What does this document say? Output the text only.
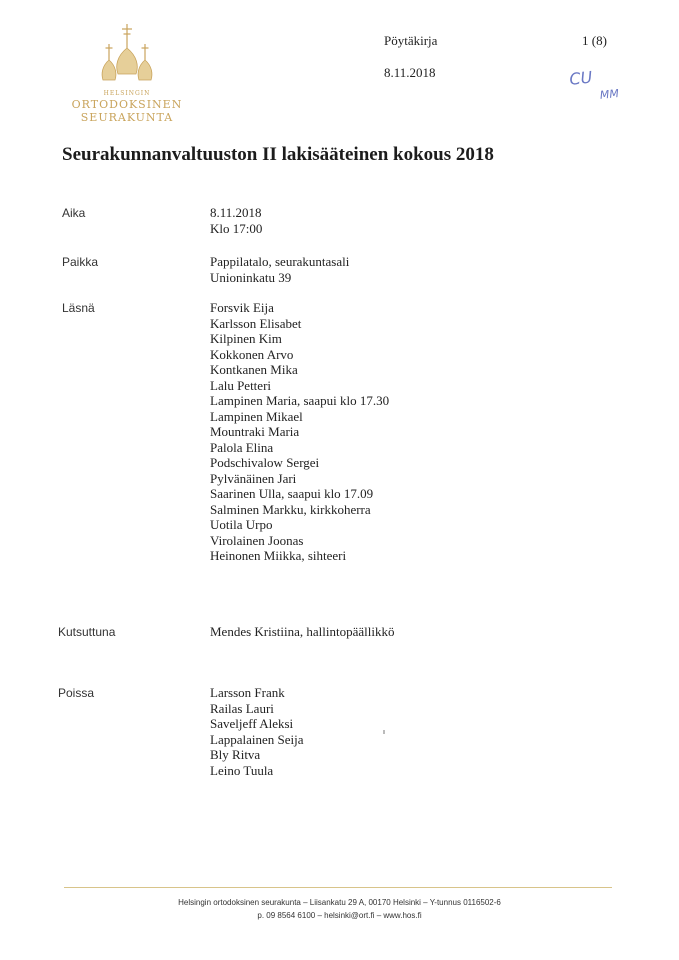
HELSINGIN
ORTODOKSINEN
SEURAKUNTA
Pöytäkirja	1 (8)
8.11.2018	CU
MM
Seurakunnanvaltuuston II lakisääteinen kokous 2018
Aika	8.11.2018
Klo 17:00
Paikka	Pappilatalo, seurakuntasali
Unioninkatu 39
Läsnä	Forsvik Eija
Karlsson Elisabet
Kilpinen Kim
Kokkonen Arvo
Kontkanen Mika
Lalu Petteri
Lampinen Maria, saapui klo 17.30
Lampinen Mikael
Mountraki Maria
Palola Elina
Podschivalow Sergei
Pylvänäinen Jari
Saarinen Ulla, saapui klo 17.09
Salminen Markku, kirkkoherra
Uotila Urpo
Virolainen Joonas
Heinonen Miikka, sihteeri
Kutsuttuna	Mendes Kristiina, hallintopäällikkö
Poissa	Larsson Frank
Railas Lauri
Saveljeff Aleksi
Lappalainen Seija
Bly Ritva
Leino Tuula
Helsingin ortodoksinen seurakunta – Liisankatu 29 A, 00170 Helsinki – Y-tunnus 0116502-6
p. 09 8564 6100 – helsinki@ort.fi – www.hos.fi
